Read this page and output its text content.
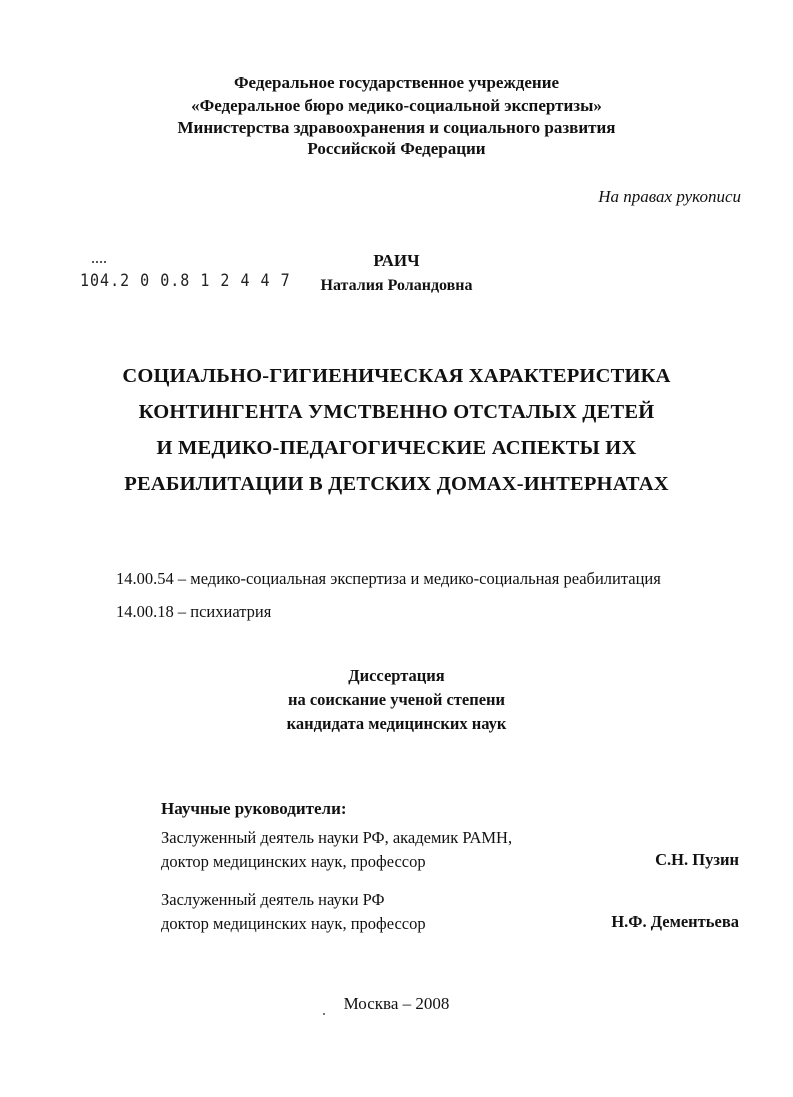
Федеральное государственное учреждение
«Федеральное бюро медико-социальной экспертизы»
Министерства здравоохранения и социального развития
Российской Федерации
На правах рукописи
104.2 0 0.8 1 2 4 4 7
РАИЧ
Наталия Роландовна
СОЦИАЛЬНО-ГИГИЕНИЧЕСКАЯ ХАРАКТЕРИСТИКА
КОНТИНГЕНТА УМСТВЕННО ОТСТАЛЫХ ДЕТЕЙ
И МЕДИКО-ПЕДАГОГИЧЕСКИЕ АСПЕКТЫ ИХ
РЕАБИЛИТАЦИИ В ДЕТСКИХ ДОМАХ-ИНТЕРНАТАХ
14.00.54 – медико-социальная экспертиза и медико-социальная реабилитация
14.00.18 – психиатрия
Диссертация
на соискание ученой степени
кандидата медицинских наук
Научные руководители:
Заслуженный деятель науки РФ, академик РАМН,
доктор медицинских наук, профессор	С.Н. Пузин
Заслуженный деятель науки РФ
доктор медицинских наук, профессор	Н.Ф. Дементьева
Москва – 2008
